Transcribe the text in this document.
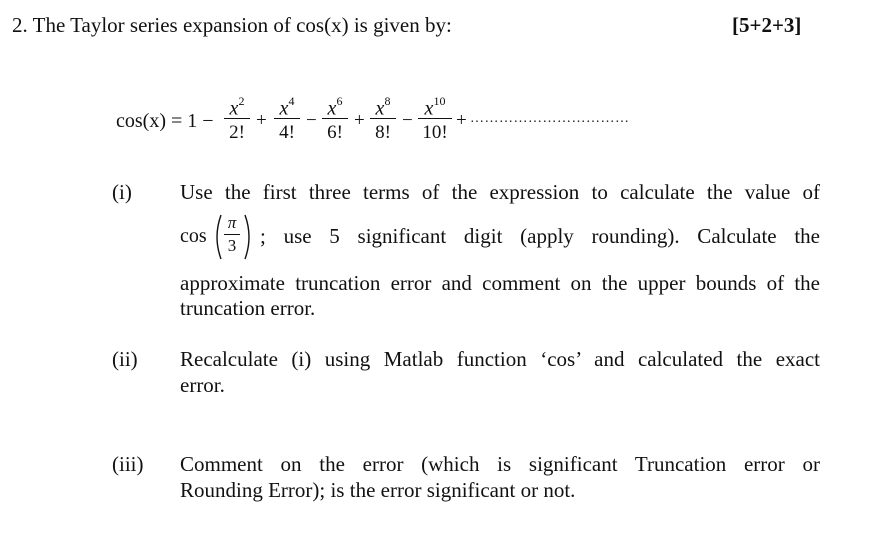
2. The Taylor series expansion of cos(x) is given by:	[5+2+3]
cos(x) = 1 −
$x^2$
2!
+
$x^4$
4!
−
$x^6$
6!
+
$x^8$
8!
−
$x^{10}$
10!
+ ……………………………
(i) Use the first three terms of the expression to calculate the value of
cos
π
3 ; use 5 significant digit (apply rounding). Calculate the
approximate truncation error and comment on the upper bounds of the
truncation error.
(ii) Recalculate (i) using Matlab function ‘cos’ and calculated the exact
error.
(iii) Comment on the error (which is significant Truncation error or
Rounding Error); is the error significant or not.
